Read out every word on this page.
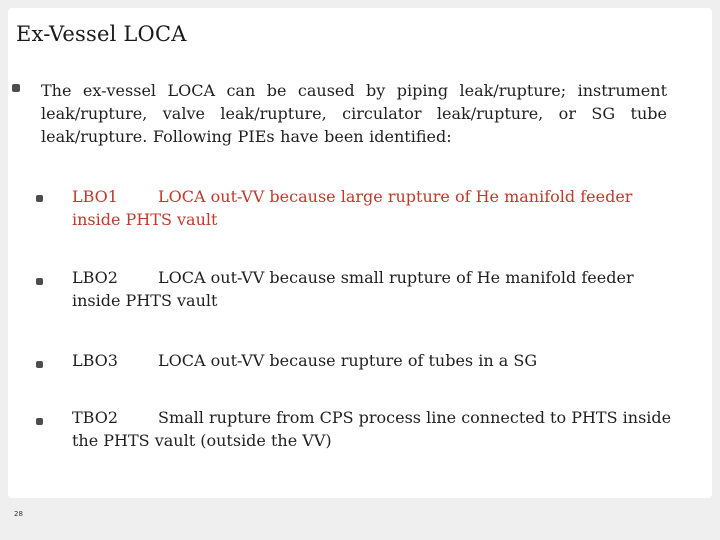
Ex-Vessel LOCA

The ex-vessel LOCA can be caused by piping leak/rupture; instrument leak/rupture, valve leak/rupture, circulator leak/rupture, or SG tube leak/rupture. Following PIEs have been identified:

LBO1	LOCA out-VV because large rupture of He manifold feeder inside PHTS vault

LBO2	LOCA out-VV because small rupture of He manifold feeder inside PHTS vault

LBO3	LOCA out-VV because rupture of tubes in a SG

TBO2 Small rupture from CPS process line connected to PHTS inside the PHTS vault (outside the VV)

28
